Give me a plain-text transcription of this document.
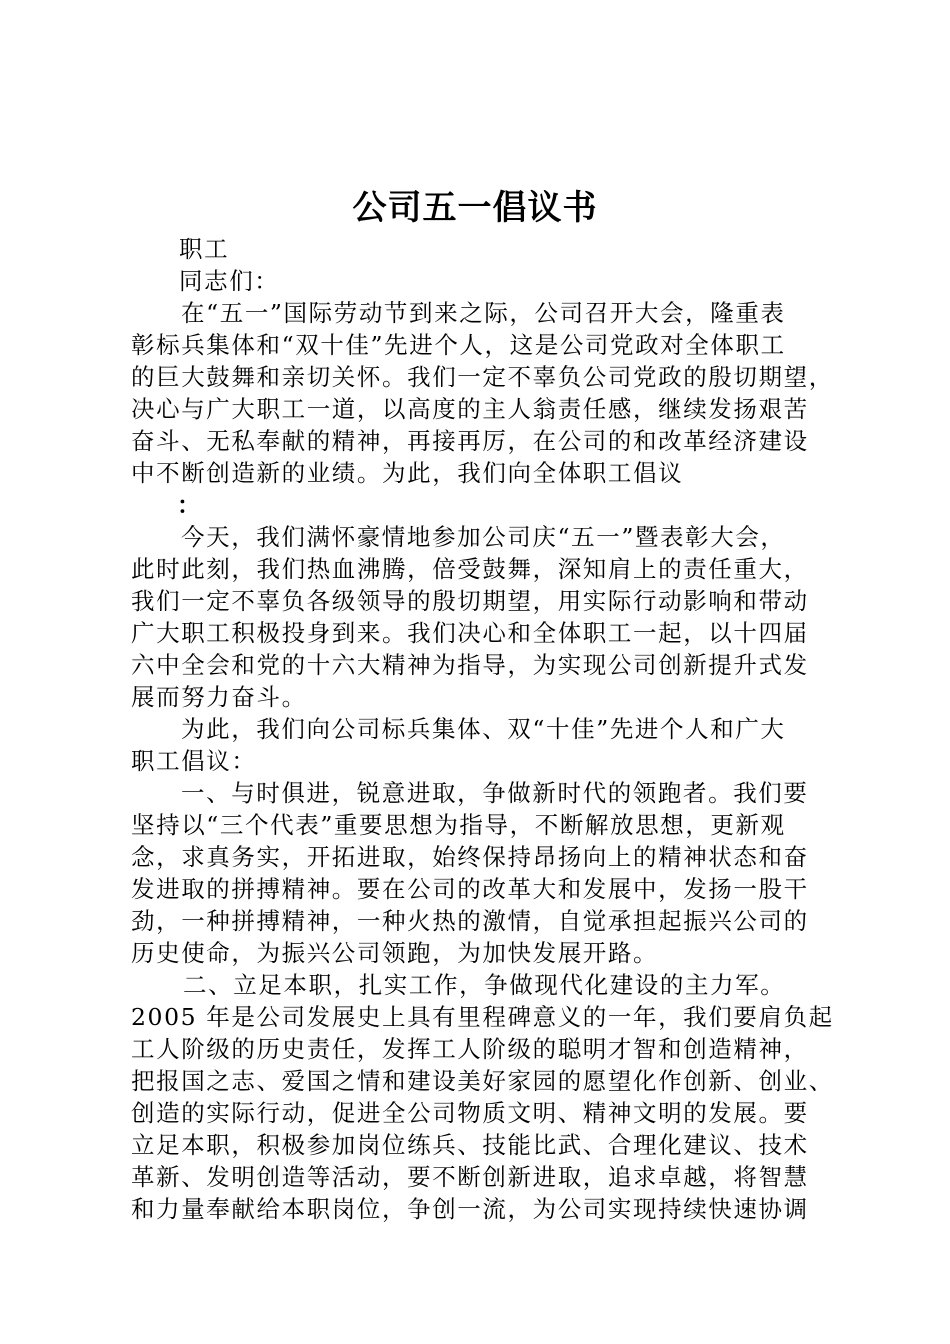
公司五一倡议书

职工

同志们：

在“五一”国际劳动节到来之际，公司召开大会，隆重表

彰标兵集体和“双十佳”先进个人，这是公司党政对全体职工

的巨大鼓舞和亲切关怀。我们一定不辜负公司党政的殷切期望，

决心与广大职工一道，以高度的主人翁责任感，继续发扬艰苦

奋斗、无私奉献的精神，再接再厉，在公司的和改革经济建设

中不断创造新的业绩。为此，我们向全体职工倡议

：

今天，我们满怀豪情地参加公司庆“五一”暨表彰大会，

此时此刻，我们热血沸腾，倍受鼓舞，深知肩上的责任重大，

我们一定不辜负各级领导的殷切期望，用实际行动影响和带动

广大职工积极投身到来。我们决心和全体职工一起，以十四届

六中全会和党的十六大精神为指导，为实现公司创新提升式发

展而努力奋斗。

为此，我们向公司标兵集体、双“十佳”先进个人和广大

职工倡议：

一、与时俱进，锐意进取，争做新时代的领跑者。我们要

坚持以“三个代表”重要思想为指导，不断解放思想，更新观

念，求真务实，开拓进取，始终保持昂扬向上的精神状态和奋

发进取的拼搏精神。要在公司的改革大和发展中，发扬一股干

劲，一种拼搏精神，一种火热的激情，自觉承担起振兴公司的

历史使命，为振兴公司领跑，为加快发展开路。

二、立足本职，扎实工作，争做现代化建设的主力军。

2005 年是公司发展史上具有里程碑意义的一年，我们要肩负起

工人阶级的历史责任，发挥工人阶级的聪明才智和创造精神，

把报国之志、爱国之情和建设美好家园的愿望化作创新、创业、

创造的实际行动，促进全公司物质文明、精神文明的发展。要

立足本职，积极参加岗位练兵、技能比武、合理化建议、技术

革新、发明创造等活动，要不断创新进取，追求卓越，将智慧

和力量奉献给本职岗位，争创一流，为公司实现持续快速协调
